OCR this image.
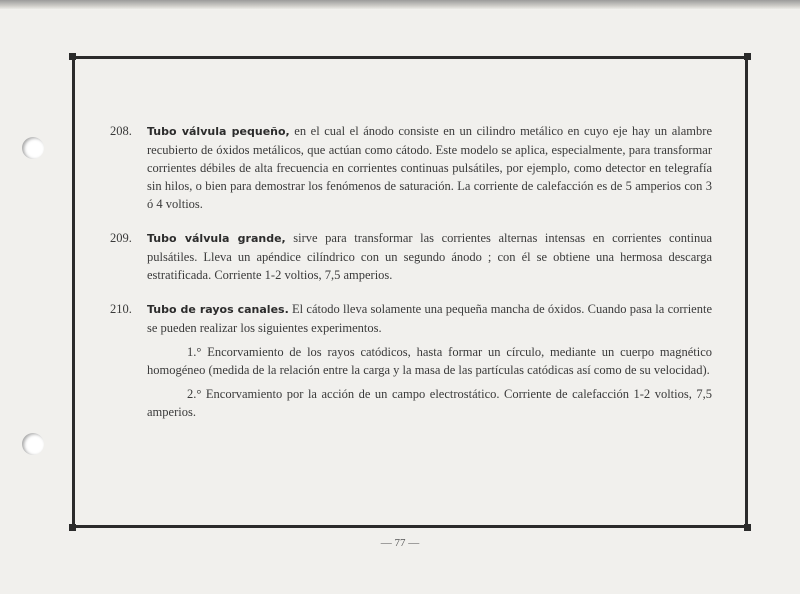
208. Tubo válvula pequeño, en el cual el ánodo consiste en un cilindro metálico en cuyo eje hay un alambre recubierto de óxidos metálicos, que actúan como cátodo. Este modelo se aplica, especialmente, para transformar corrientes débiles de alta frecuencia en corrientes continuas pulsátiles, por ejemplo, como detector en telegrafía sin hilos, o bien para demostrar los fenómenos de saturación. La corriente de calefacción es de 5 amperios con 3 ó 4 voltios.
209. Tubo válvula grande, sirve para transformar las corrientes alternas intensas en corrientes continua pulsátiles. Lleva un apéndice cilíndrico con un segundo ánodo ; con él se obtiene una hermosa descarga estratificada. Corriente 1-2 voltios, 7,5 amperios.
210. Tubo de rayos canales. El cátodo lleva solamente una pequeña mancha de óxidos. Cuando pasa la corriente se pueden realizar los siguientes experimentos.
1.° Encorvamiento de los rayos catódicos, hasta formar un círculo, mediante un cuerpo magnético homogéneo (medida de la relación entre la carga y la masa de las partículas catódicas así como de su velocidad).
2.° Encorvamiento por la acción de un campo electrostático. Corriente de calefacción 1-2 voltios, 7,5 amperios.
— 77 —
